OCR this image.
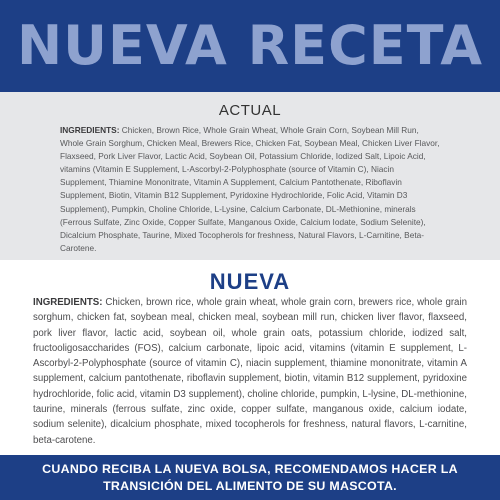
NUEVA RECETA
ACTUAL

INGREDIENTS: Chicken, Brown Rice, Whole Grain Wheat, Whole Grain Corn, Soybean Mill Run, Whole Grain Sorghum, Chicken Meal, Brewers Rice, Chicken Fat, Soybean Meal, Chicken Liver Flavor, Flaxseed, Pork Liver Flavor, Lactic Acid, Soybean Oil, Potassium Chloride, Iodized Salt, Lipoic Acid, vitamins (Vitamin E Supplement, L-Ascorbyl-2-Polyphosphate (source of Vitamin C), Niacin Supplement, Thiamine Mononitrate, Vitamin A Supplement, Calcium Pantothenate, Riboflavin Supplement, Biotin, Vitamin B12 Supplement, Pyridoxine Hydrochloride, Folic Acid, Vitamin D3 Supplement), Pumpkin, Choline Chloride, L-Lysine, Calcium Carbonate, DL-Methionine, minerals (Ferrous Sulfate, Zinc Oxide, Copper Sulfate, Manganous Oxide, Calcium Iodate, Sodium Selenite), Dicalcium Phosphate, Taurine, Mixed Tocopherols for freshness, Natural Flavors, L-Carnitine, Beta-Carotene.

NUEVA

INGREDIENTS: Chicken, brown rice, whole grain wheat, whole grain corn, brewers rice, whole grain sorghum, chicken fat, soybean meal, chicken meal, soybean mill run, chicken liver flavor, flaxseed, pork liver flavor, lactic acid, soybean oil, whole grain oats, potassium chloride, iodized salt, fructooligosaccharides (FOS), calcium carbonate, lipoic acid, vitamins (vitamin E supplement, L-Ascorbyl-2-Polyphosphate (source of vitamin C), niacin supplement, thiamine mononitrate, vitamin A supplement, calcium pantothenate, riboflavin supplement, biotin, vitamin B12 supplement, pyridoxine hydrochloride, folic acid, vitamin D3 supplement), choline chloride, pumpkin, L-lysine, DL-methionine, taurine, minerals (ferrous sulfate, zinc oxide, copper sulfate, manganous oxide, calcium iodate, sodium selenite), dicalcium phosphate, mixed tocopherols for freshness, natural flavors, L-carnitine, beta-carotene.

CUANDO RECIBA LA NUEVA BOLSA, RECOMENDAMOS HACER LA
TRANSICIÓN DEL ALIMENTO DE SU MASCOTA.
